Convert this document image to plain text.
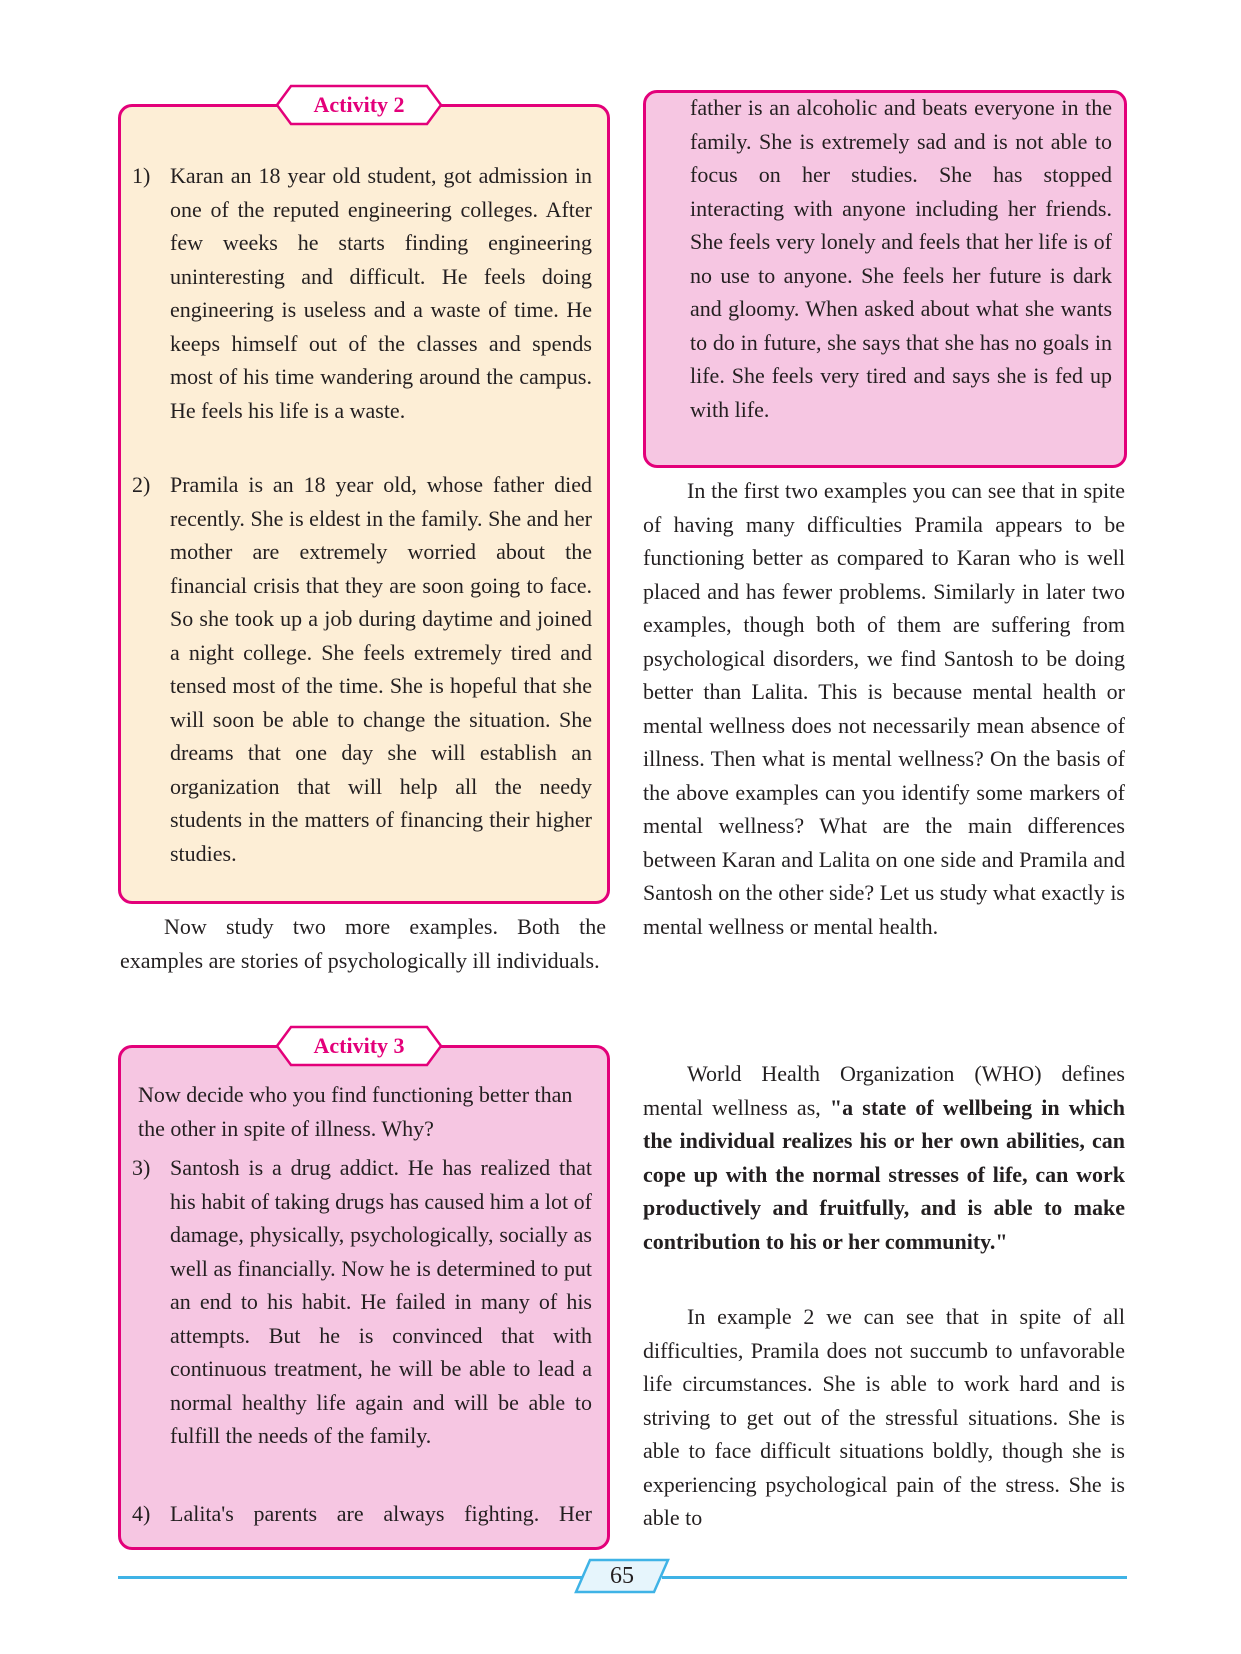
Activity 2
1) Karan an 18 year old student, got admission in one of the reputed engineering colleges. After few weeks he starts finding engineering uninteresting and difficult. He feels doing engineering is useless and a waste of time. He keeps himself out of the classes and spends most of his time wandering around the campus. He feels his life is a waste.
2) Pramila is an 18 year old, whose father died recently. She is eldest in the family. She and her mother are extremely worried about the financial crisis that they are soon going to face. So she took up a job during daytime and joined a night college. She feels extremely tired and tensed most of the time. She is hopeful that she will soon be able to change the situation. She dreams that one day she will establish an organization that will help all the needy students in the matters of financing their higher studies.
Now study two more examples. Both the examples are stories of psychologically ill individuals.
Activity 3
Now decide who you find functioning better than the other in spite of illness. Why?
3) Santosh is a drug addict. He has realized that his habit of taking drugs has caused him a lot of damage, physically, psychologically, socially as well as financially. Now he is determined to put an end to his habit. He failed in many of his attempts. But he is convinced that with continuous treatment, he will be able to lead a normal healthy life again and will be able to fulfill the needs of the family.
4) Lalita's parents are always fighting. Her
father is an alcoholic and beats everyone in the family. She is extremely sad and is not able to focus on her studies. She has stopped interacting with anyone including her friends. She feels very lonely and feels that her life is of no use to anyone. She feels her future is dark and gloomy. When asked about what she wants to do in future, she says that she has no goals in life. She feels very tired and says she is fed up with life.
In the first two examples you can see that in spite of having many difficulties Pramila appears to be functioning better as compared to Karan who is well placed and has fewer problems. Similarly in later two examples, though both of them are suffering from psychological disorders, we find Santosh to be doing better than Lalita. This is because mental health or mental wellness does not necessarily mean absence of illness. Then what is mental wellness? On the basis of the above examples can you identify some markers of mental wellness? What are the main differences between Karan and Lalita on one side and Pramila and Santosh on the other side? Let us study what exactly is mental wellness or mental health.
World Health Organization (WHO) defines mental wellness as, "a state of wellbeing in which the individual realizes his or her own abilities, can cope up with the normal stresses of life, can work productively and fruitfully, and is able to make contribution to his or her community."
In example 2 we can see that in spite of all difficulties, Pramila does not succumb to unfavorable life circumstances. She is able to work hard and is striving to get out of the stressful situations. She is able to face difficult situations boldly, though she is experiencing psychological pain of the stress. She is able to
65
